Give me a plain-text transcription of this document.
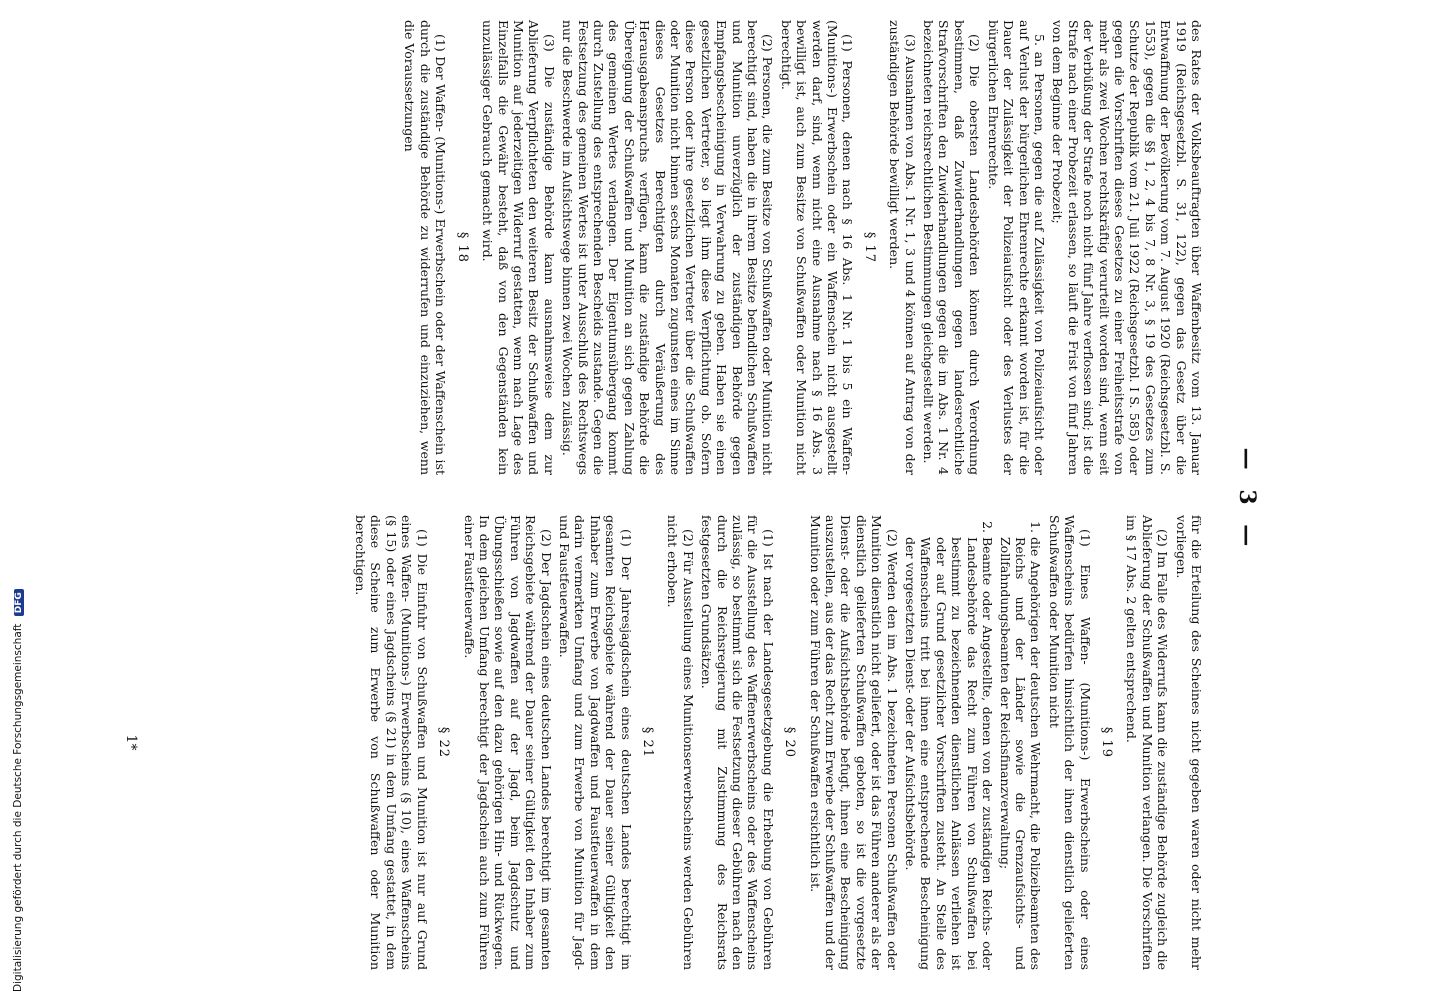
— 3 —

des Rates der Volksbeauftragten über Waffenbesitz vom 13. Januar 1919 (Reichsgesetzbl. S. 31, 122), gegen das Gesetz über die Entwaffnung der Bevölkerung vom 7. August 1920 (Reichsgesetzbl. S. 1553), gegen die §§ 1, 2, 4 bis 7, 8 Nr. 3, § 19 des Gesetzes zum Schutze der Republik vom 21. Juli 1922 (Reichsgesetzbl. I S. 585) oder gegen die Vorschriften dieses Gesetzes zu einer Freiheitsstrafe von mehr als zwei Wochen rechtskräftig verurteilt worden sind, wenn seit der Verbüßung der Strafe noch nicht fünf Jahre verflossen sind; ist die Strafe nach einer Probezeit erlassen, so läuft die Frist von fünf Jahren von dem Beginne der Probezeit;

5. an Personen, gegen die auf Zulässigkeit von Polizeiaufsicht oder auf Verlust der bürgerlichen Ehrenrechte erkannt worden ist, für die Dauer der Zulässigkeit der Polizeiaufsicht oder des Verlustes der bürgerlichen Ehrenrechte.

(2) Die obersten Landesbehörden können durch Verordnung bestimmen, daß Zuwiderhandlungen gegen landesrechtliche Strafvorschriften den Zuwiderhandlungen gegen die im Abs. 1 Nr. 4 bezeichneten reichsrechtlichen Bestimmungen gleichgestellt werden.

(3) Ausnahmen von Abs. 1 Nr. 1, 3 und 4 können auf Antrag von der zuständigen Behörde bewilligt werden.

§ 17

(1) Personen, denen nach § 16 Abs. 1 Nr. 1 bis 5 ein Waffen- (Munitions-) Erwerbschein oder ein Waffenschein nicht ausgestellt werden darf, sind, wenn nicht eine Ausnahme nach § 16 Abs. 3 bewilligt ist, auch zum Besitze von Schußwaffen oder Munition nicht berechtigt.

(2) Personen, die zum Besitze von Schußwaffen oder Munition nicht berechtigt sind, haben die in ihrem Besitze befindlichen Schußwaffen und Munition unverzüglich der zuständigen Behörde gegen Empfangsbescheinigung in Verwahrung zu geben. Haben sie einen gesetzlichen Vertreter, so liegt ihm diese Verpflichtung ob. Sofern diese Person oder ihre gesetzlichen Vertreter über die Schußwaffen oder Munition nicht binnen sechs Monaten zugunsten eines im Sinne dieses Gesetzes Berechtigten durch Veräußerung des Herausgabeanspruchs verfügen, kann die zuständige Behörde die Übereignung der Schußwaffen und Munition an sich gegen Zahlung des gemeinen Wertes verlangen. Der Eigentumsübergang kommt durch Zustellung des entsprechenden Bescheids zustande. Gegen die Festsetzung des gemeinen Wertes ist unter Ausschluß des Rechtswegs nur die Beschwerde im Aufsichtswege binnen zwei Wochen zulässig.

(3) Die zuständige Behörde kann ausnahmsweise dem zur Ablieferung Verpflichteten den weiteren Besitz der Schußwaffen und Munition auf jederzeitigen Widerruf gestatten, wenn nach Lage des Einzelfalls die Gewähr besteht, daß von den Gegenständen kein unzulässiger Gebrauch gemacht wird.

§ 18

(1) Der Waffen- (Munitions-) Erwerbschein oder der Waffenschein ist durch die zuständige Behörde zu widerrufen und einzuziehen, wenn die Voraussetzungen

für die Erteilung des Scheines nicht gegeben waren oder nicht mehr vorliegen.

(2) Im Falle des Widerrufs kann die zuständige Behörde zugleich die Ablieferung der Schußwaffen und Munition verlangen. Die Vorschriften im § 17 Abs. 2 gelten entsprechend.

§ 19

(1) Eines Waffen- (Munitions-) Erwerbscheins oder eines Waffenscheins bedürfen hinsichtlich der ihnen dienstlich gelieferten Schußwaffen oder Munition nicht

1. die Angehörigen der deutschen Wehrmacht, die Polizeibeamten des Reichs und der Länder sowie die Grenzaufsichts- und Zollfahndungsbeamten der Reichsfinanzverwaltung;
2. Beamte oder Angestellte, denen von der zuständigen Reichs- oder Landesbehörde das Recht zum Führen von Schußwaffen bei bestimmt zu bezeichnenden dienstlichen Anlässen verliehen ist oder auf Grund gesetzlicher Vorschriften zusteht. An Stelle des Waffenscheins tritt bei ihnen eine entsprechende Bescheinigung der vorgesetzten Dienst- oder der Aufsichtsbehörde.

(2) Werden den im Abs. 1 bezeichneten Personen Schußwaffen oder Munition dienstlich nicht geliefert, oder ist das Führen anderer als der dienstlich gelieferten Schußwaffen geboten, so ist die vorgesetzte Dienst- oder die Aufsichtsbehörde befugt, ihnen eine Bescheinigung auszustellen, aus der das Recht zum Erwerbe der Schußwaffen und der Munition oder zum Führen der Schußwaffen ersichtlich ist.

§ 20

(1) Ist nach der Landesgesetzgebung die Erhebung von Gebühren für die Ausstellung des Waffenerwerbscheins oder des Waffenscheins zulässig, so bestimmt sich die Festsetzung dieser Gebühren nach den durch die Reichsregierung mit Zustimmung des Reichsrats festgesetzten Grundsätzen.

(2) Für Ausstellung eines Munitionserwerbscheins werden Gebühren nicht erhoben.

§ 21

(1) Der Jahresjagdschein eines deutschen Landes berechtigt im gesamten Reichsgebiete während der Dauer seiner Gültigkeit den Inhaber zum Erwerbe von Jagdwaffen und Faustfeuerwaffen in dem darin vermerkten Umfang und zum Erwerbe von Munition für Jagd- und Faustfeuerwaffen.

(2) Der Jagdschein eines deutschen Landes berechtigt im gesamten Reichsgebiete während der Dauer seiner Gültigkeit den Inhaber zum Führen von Jagdwaffen auf der Jagd, beim Jagdschutz und Übungsschießen sowie auf den dazu gehörigen Hin- und Rückwegen. In dem gleichen Umfang berechtigt der Jagdschein auch zum Führen einer Faustfeuerwaffe.

§ 22

(1) Die Einfuhr von Schußwaffen und Munition ist nur auf Grund eines Waffen- (Munitions-) Erwerbscheins (§ 10), eines Waffenscheins (§ 15) oder eines Jagdscheins (§ 21) in dem Umfang gestattet, in dem diese Scheine zum Erwerbe von Schußwaffen oder Munition berechtigen.

1*
Digitalisierung gefördert durch die Deutsche Forschungsgemeinschaft DFG
